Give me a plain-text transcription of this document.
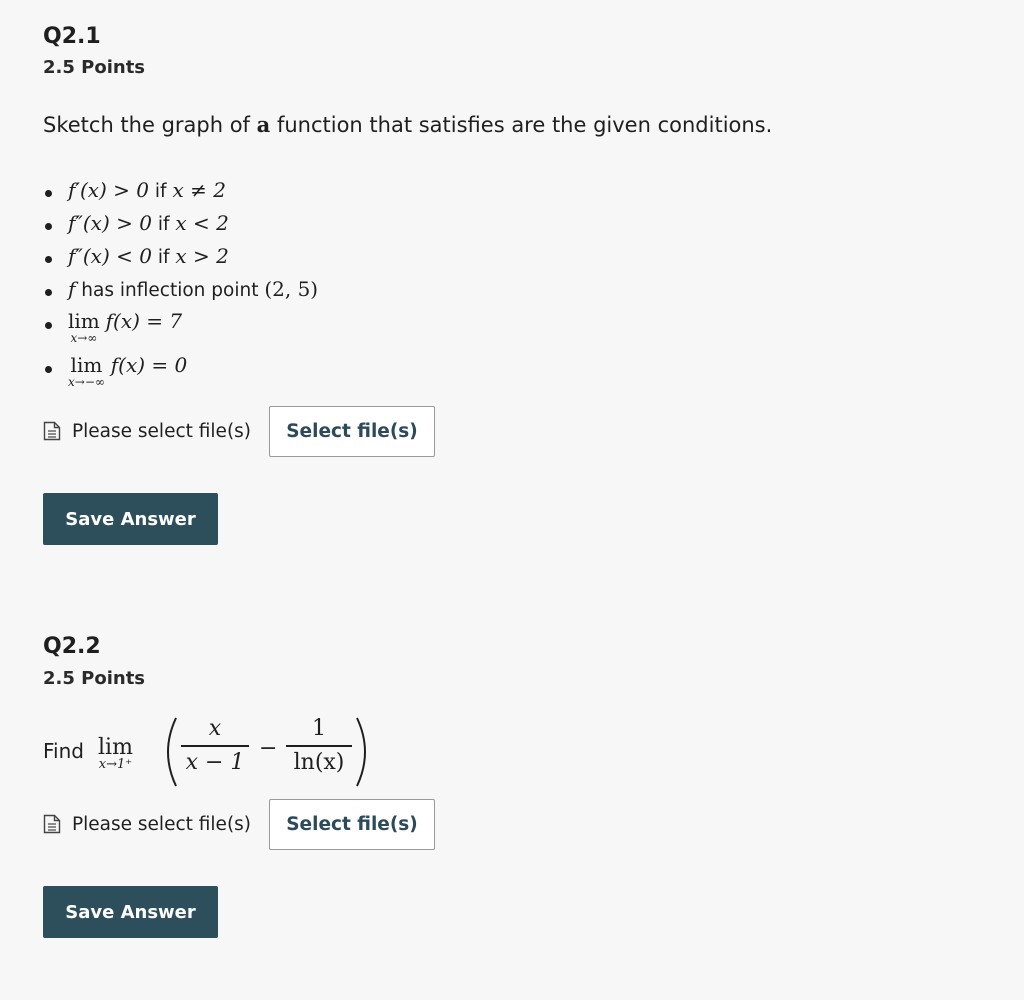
Q2.1

2.5 Points

Sketch the graph of a function that satisfies are the given conditions.

f′(x) > 0 if x ≠ 2
f″(x) > 0 if x < 2
f″(x) < 0 if x > 2
f has inflection point (2, 5)
lim
x→∞
f(x) = 7
lim
x→−∞
f(x) = 0
Please select file(s)	Select file(s)
Save Answer
Q2.2

2.5 Points

Find lim
x→1⁺
x
x − 1
−
1
ln(x)
Please select file(s)	Select file(s)
Save Answer
